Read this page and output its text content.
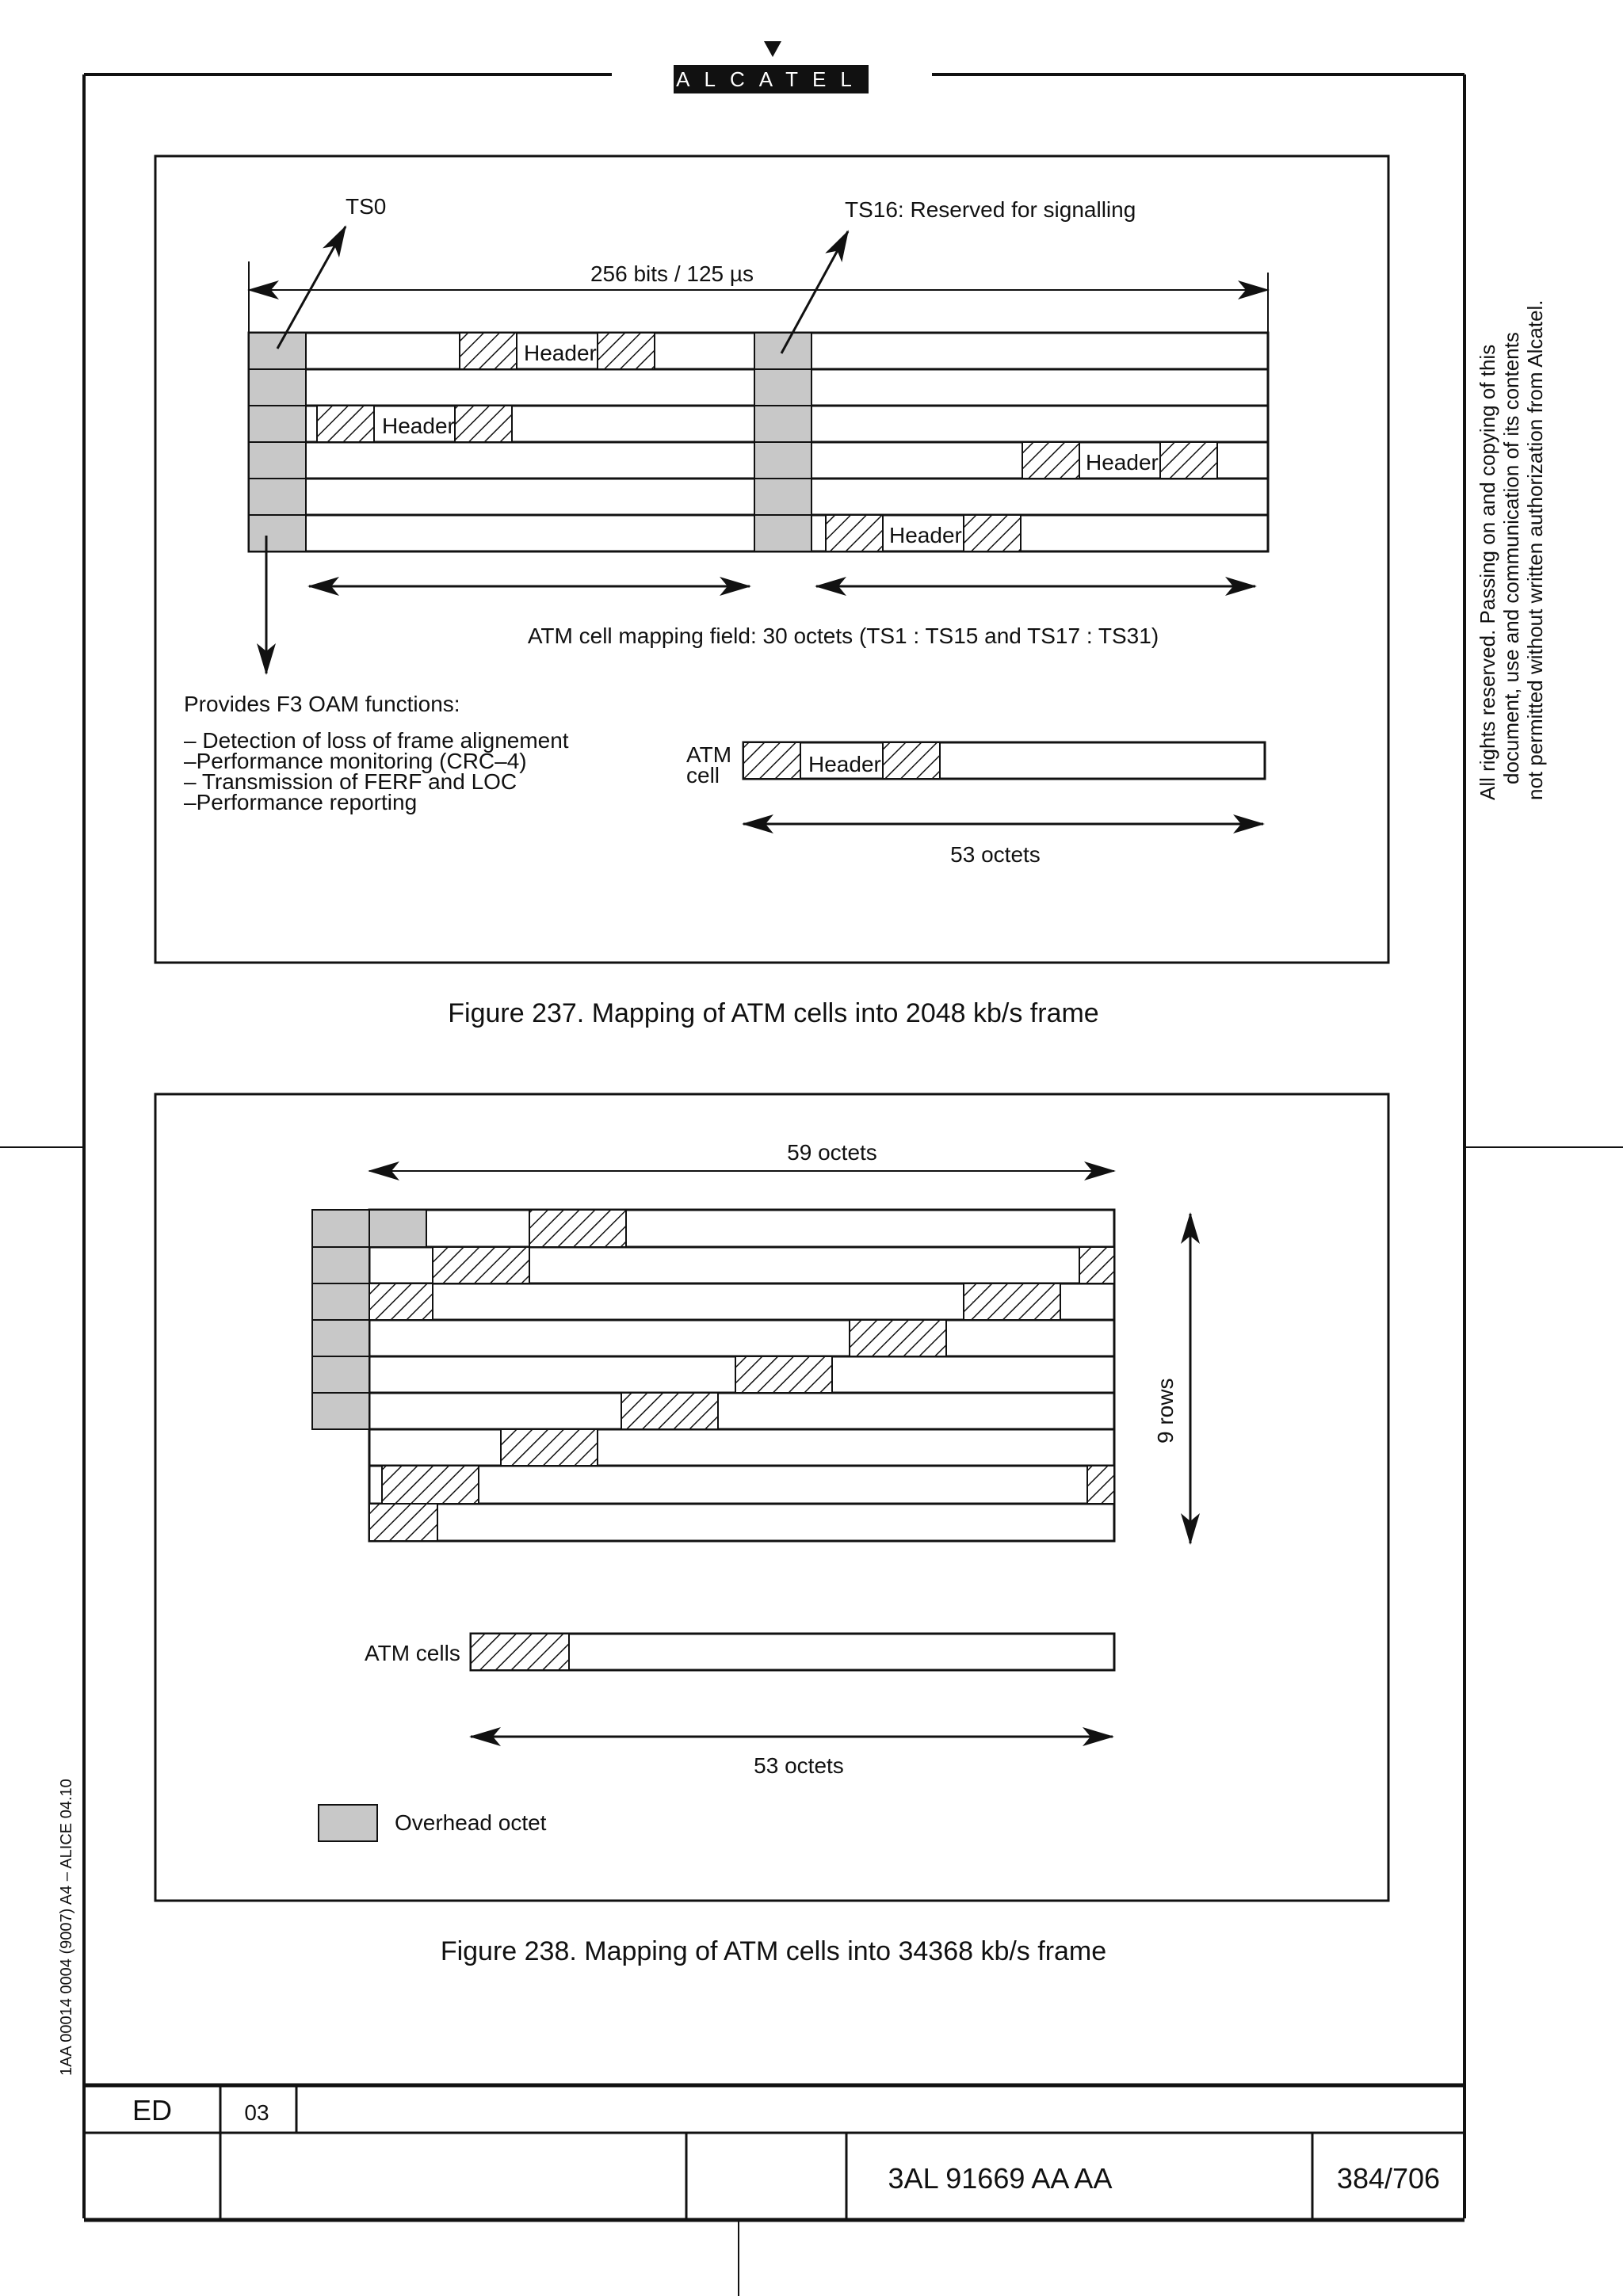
ALCATEL
All rights reserved. Passing on and copying of this document, use and communication of its contents not permitted without written authorization from Alcatel.
1AA 00014 0004 (9007) A4 – ALICE 04.10
Header
Header
Header
Header
256 bits / 125 µs
TS0	TS16: Reserved for signalling
ATM cell mapping field: 30 octets (TS1 : TS15 and TS17 : TS31)
Provides F3 OAM functions:
– Detection of loss of frame alignement
–Performance monitoring (CRC–4)
– Transmission of FERF and LOC
–Performance reporting
ATM
cell	Header
53 octets
Figure 237. Mapping of ATM cells into 2048 kb/s frame
59 octets
9 rows
ATM cells
53 octets
Overhead octet
Figure 238. Mapping of ATM cells into 34368 kb/s frame
ED	03
3AL 91669 AA AA	384/706
